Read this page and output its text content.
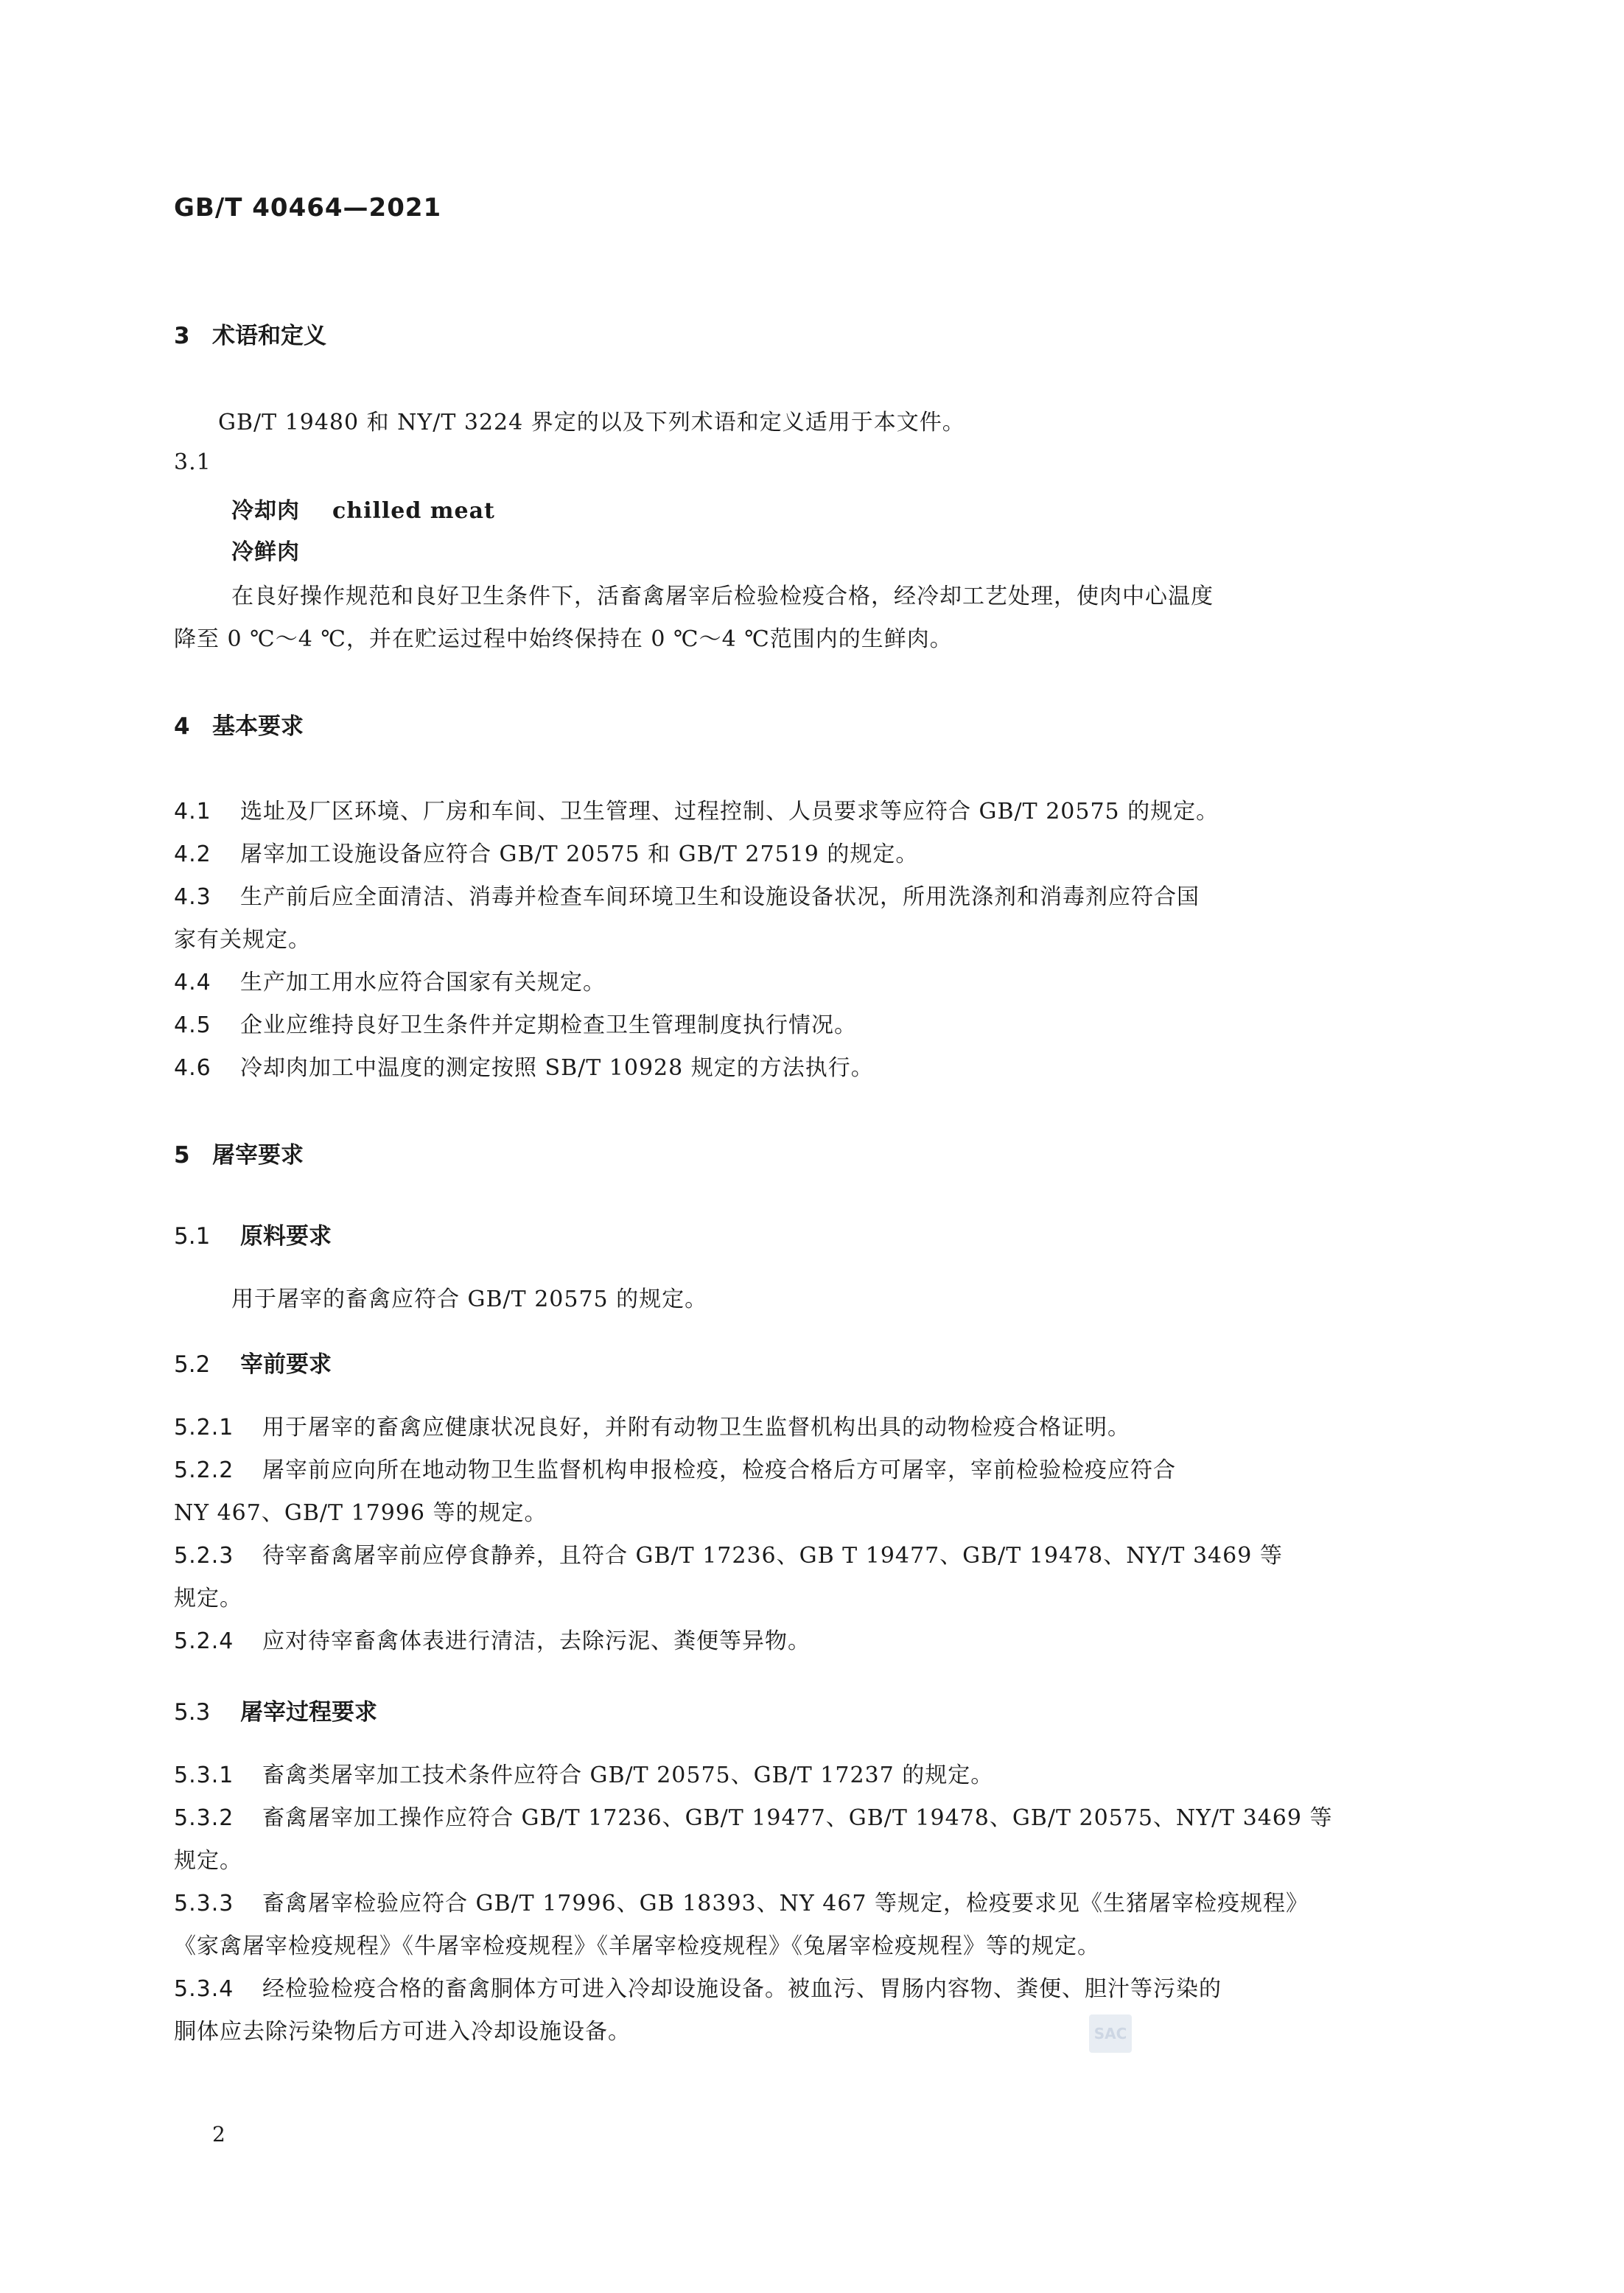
GB/T 40464—2021
3 术语和定义
GB/T 19480 和 NY/T 3224 界定的以及下列术语和定义适用于本文件。
3.1
冷却肉 chilled meat
冷鲜肉
在良好操作规范和良好卫生条件下，活畜禽屠宰后检验检疫合格，经冷却工艺处理，使肉中心温度
降至 0 ℃～4 ℃，并在贮运过程中始终保持在 0 ℃～4 ℃范围内的生鲜肉。
4 基本要求
4.1 选址及厂区环境、厂房和车间、卫生管理、过程控制、人员要求等应符合 GB/T 20575 的规定。
4.2 屠宰加工设施设备应符合 GB/T 20575 和 GB/T 27519 的规定。
4.3 生产前后应全面清洁、消毒并检查车间环境卫生和设施设备状况，所用洗涤剂和消毒剂应符合国
家有关规定。
4.4 生产加工用水应符合国家有关规定。
4.5 企业应维持良好卫生条件并定期检查卫生管理制度执行情况。
4.6 冷却肉加工中温度的测定按照 SB/T 10928 规定的方法执行。
5 屠宰要求
5.1 原料要求
用于屠宰的畜禽应符合 GB/T 20575 的规定。
5.2 宰前要求
5.2.1 用于屠宰的畜禽应健康状况良好，并附有动物卫生监督机构出具的动物检疫合格证明。
5.2.2 屠宰前应向所在地动物卫生监督机构申报检疫，检疫合格后方可屠宰，宰前检验检疫应符合
NY 467、GB/T 17996 等的规定。
5.2.3 待宰畜禽屠宰前应停食静养，且符合 GB/T 17236、GB T 19477、GB/T 19478、NY/T 3469 等
规定。
5.2.4 应对待宰畜禽体表进行清洁，去除污泥、粪便等异物。
5.3 屠宰过程要求
5.3.1 畜禽类屠宰加工技术条件应符合 GB/T 20575、GB/T 17237 的规定。
5.3.2 畜禽屠宰加工操作应符合 GB/T 17236、GB/T 19477、GB/T 19478、GB/T 20575、NY/T 3469 等
规定。
5.3.3 畜禽屠宰检验应符合 GB/T 17996、GB 18393、NY 467 等规定，检疫要求见《生猪屠宰检疫规程》
《家禽屠宰检疫规程》《牛屠宰检疫规程》《羊屠宰检疫规程》《兔屠宰检疫规程》等的规定。
5.3.4 经检验检疫合格的畜禽胴体方可进入冷却设施设备。被血污、胃肠内容物、粪便、胆汁等污染的
胴体应去除污染物后方可进入冷却设施设备。	SAC
2
